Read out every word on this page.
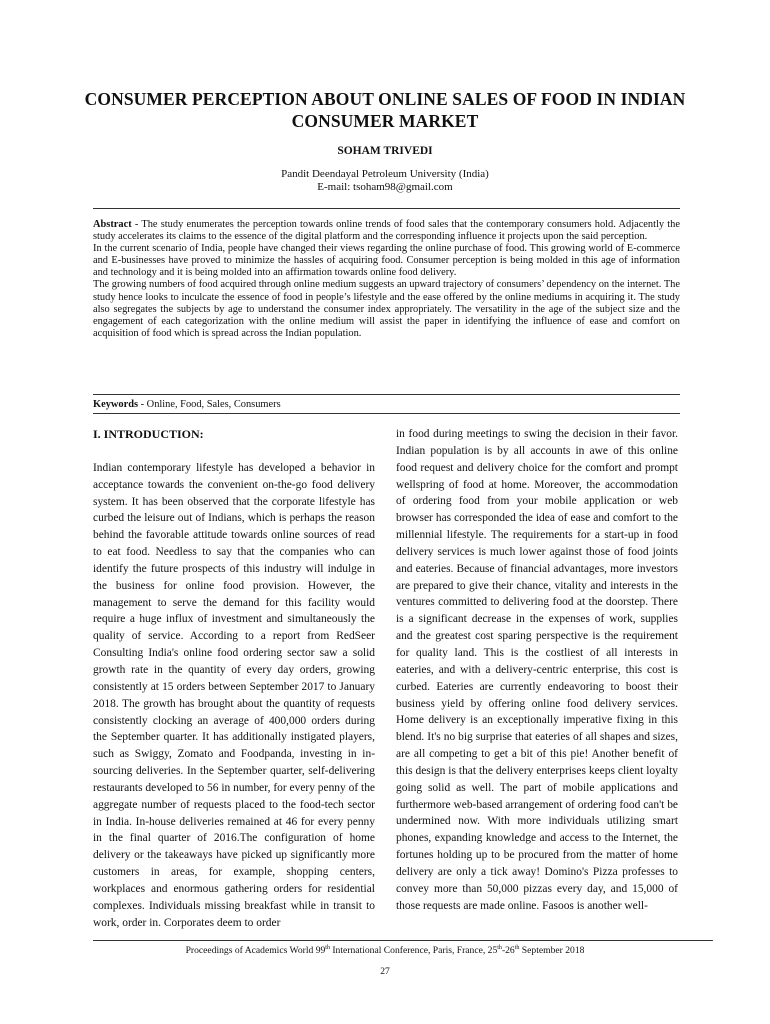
CONSUMER PERCEPTION ABOUT ONLINE SALES OF FOOD IN INDIAN CONSUMER MARKET
SOHAM TRIVEDI
Pandit Deendayal Petroleum University (India)
E-mail: tsoham98@gmail.com

Abstract - The study enumerates the perception towards online trends of food sales that the contemporary consumers hold. Adjacently the study accelerates its claims to the essence of the digital platform and the corresponding influence it projects upon the said perception.

In the current scenario of India, people have changed their views regarding the online purchase of food. This growing world of E-commerce and E-businesses have proved to minimize the hassles of acquiring food. Consumer perception is being molded in this age of information and technology and it is being molded into an affirmation towards online food delivery.

The growing numbers of food acquired through online medium suggests an upward trajectory of consumers’ dependency on the internet. The study hence looks to inculcate the essence of food in people’s lifestyle and the ease offered by the online mediums in acquiring it. The study also segregates the subjects by age to understand the consumer index appropriately. The versatility in the age of the subject size and the engagement of each categorization with the online medium will assist the paper in identifying the influence of ease and comfort on acquisition of food which is spread across the Indian population.

Keywords - Online, Food, Sales, Consumers

I. INTRODUCTION:

Indian contemporary lifestyle has developed a behavior in acceptance towards the convenient on-the-go food delivery system. It has been observed that the corporate lifestyle has curbed the leisure out of Indians, which is perhaps the reason behind the favorable attitude towards online sources of read to eat food. Needless to say that the companies who can identify the future prospects of this industry will indulge in the business for online food provision. However, the management to serve the demand for this facility would require a huge influx of investment and simultaneously the quality of service. According to a report from RedSeer Consulting India's online food ordering sector saw a solid growth rate in the quantity of every day orders, growing consistently at 15 orders between September 2017 to January 2018. The growth has brought about the quantity of requests consistently clocking an average of 400,000 orders during the September quarter. It has additionally instigated players, such as Swiggy, Zomato and Foodpanda, investing in in-sourcing deliveries. In the September quarter, self-delivering restaurants developed to 56 in number, for every penny of the aggregate number of requests placed to the food-tech sector in India. In-house deliveries remained at 46 for every penny in the final quarter of 2016.The configuration of home delivery or the takeaways have picked up significantly more customers in areas, for example, shopping centers, workplaces and enormous gathering orders for residential complexes. Individuals missing breakfast while in transit to work, order in. Corporates deem to order

in food during meetings to swing the decision in their favor. Indian population is by all accounts in awe of this online food request and delivery choice for the comfort and prompt wellspring of food at home. Moreover, the accommodation of ordering food from your mobile application or web browser has corresponded the idea of ease and comfort to the millennial lifestyle. The requirements for a start-up in food delivery services is much lower against those of food joints and eateries. Because of financial advantages, more investors are prepared to give their chance, vitality and interests in the ventures committed to delivering food at the doorstep. There is a significant decrease in the expenses of work, supplies and the greatest cost sparing perspective is the requirement for quality land. This is the costliest of all interests in eateries, and with a delivery-centric enterprise, this cost is curbed. Eateries are currently endeavoring to boost their business yield by offering online food delivery services. Home delivery is an exceptionally imperative fixing in this blend. It's no big surprise that eateries of all shapes and sizes, are all competing to get a bit of this pie! Another benefit of this design is that the delivery enterprises keeps client loyalty going solid as well. The part of mobile applications and furthermore web-based arrangement of ordering food can't be undermined now. With more individuals utilizing smart phones, expanding knowledge and access to the Internet, the fortunes holding up to be procured from the matter of home delivery are only a tick away! Domino's Pizza professes to convey more than 50,000 pizzas every day, and 15,000 of those requests are made online. Fasoos is another well-

Proceedings of Academics World 99th International Conference, Paris, France, 25th-26th September 2018
27
